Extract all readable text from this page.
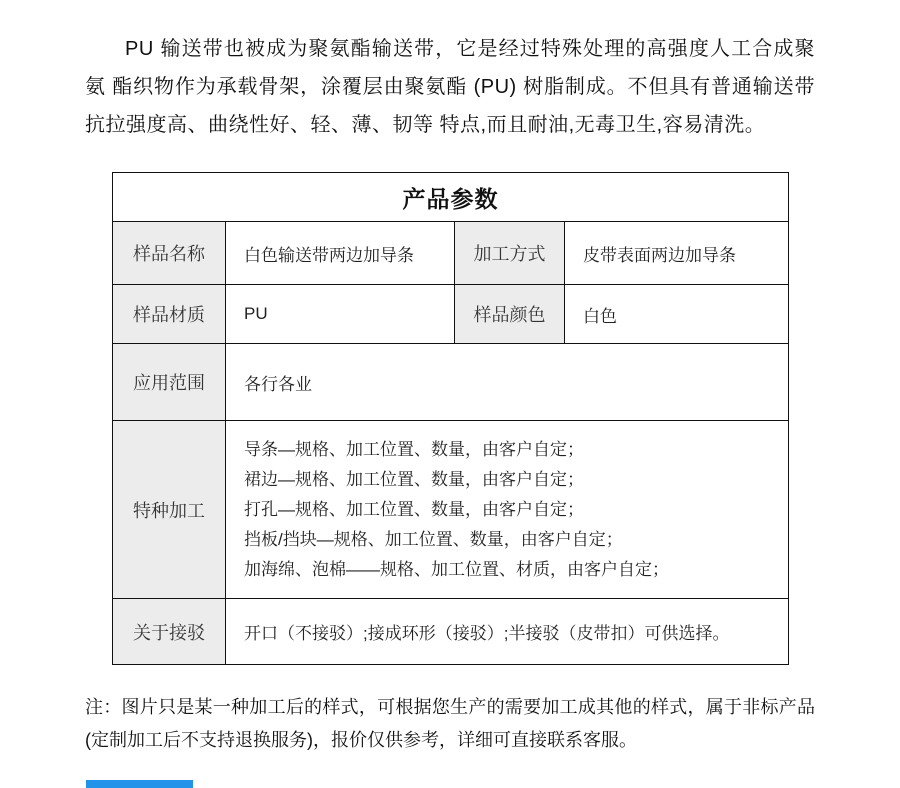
PU 输送带也被成为聚氨酯输送带，它是经过特殊处理的高强度人工合成聚氨 酯织物作为承载骨架，涂覆层由聚氨酯 (PU) 树脂制成。不但具有普通输送带抗拉强度高、曲绕性好、轻、薄、韧等 特点,而且耐油,无毒卫生,容易清洗。

产品参数			
样品名称	白色输送带两边加导条	加工方式	皮带表面两边加导条
样品材质	PU	样品颜色	白色
应用范围	各行各业		
特种加工	导条—规格、加工位置、数量，由客户自定；
裙边—规格、加工位置、数量，由客户自定；
打孔—规格、加工位置、数量，由客户自定；
挡板/挡块—规格、加工位置、数量，由客户自定；
加海绵、泡棉——规格、加工位置、材质，由客户自定；		

关于接驳	开口（不接驳）;接成环形（接驳）;半接驳（皮带扣）可供选择。		

注：图片只是某一种加工后的样式，可根据您生产的需要加工成其他的样式，属于非标产品(定制加工后不支持退换服务)，报价仅供参考，详细可直接联系客服。
